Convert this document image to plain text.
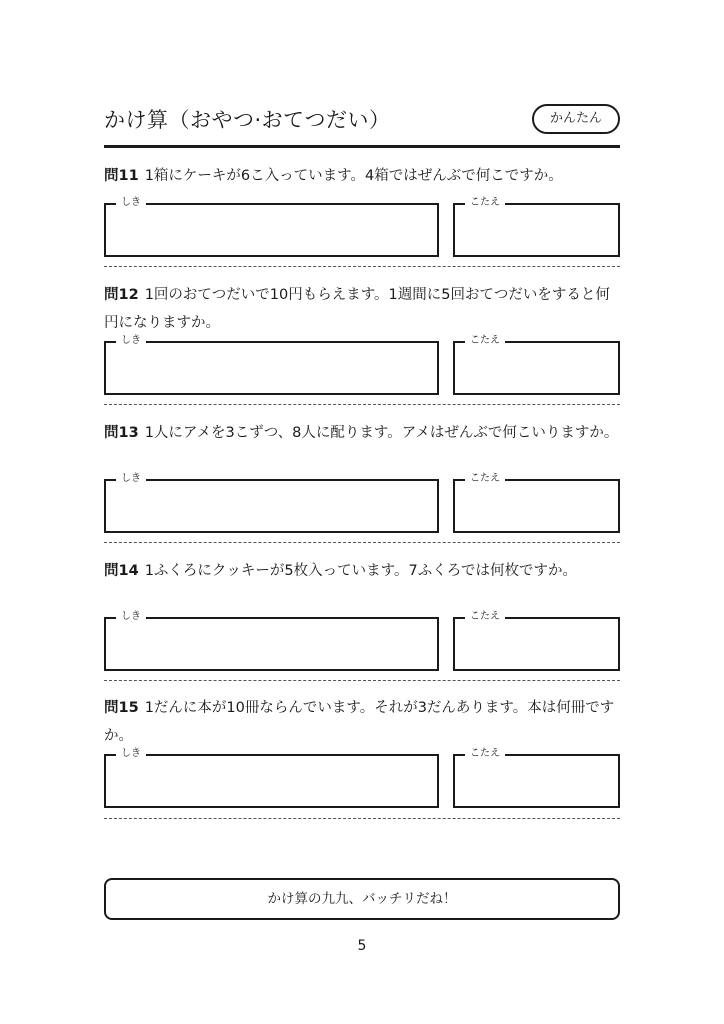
かけ算（おやつ·おてつだい）	かんたん

問11 1箱にケーキが6こ入っています。4箱ではぜんぶで何こですか。

しき	こたえ

問12 1回のおてつだいで10円もらえます。1週間に5回おてつだいをすると何円になりますか。

しき	こたえ

問13 1人にアメを3こずつ、8人に配ります。アメはぜんぶで何こいりますか。

しき	こたえ

問14 1ふくろにクッキーが5枚入っています。7ふくろでは何枚ですか。

しき	こたえ

問15 1だんに本が10冊ならんでいます。それが3だんあります。本は何冊ですか。

しき	こたえ
かけ算の九九、バッチリだね！
5
